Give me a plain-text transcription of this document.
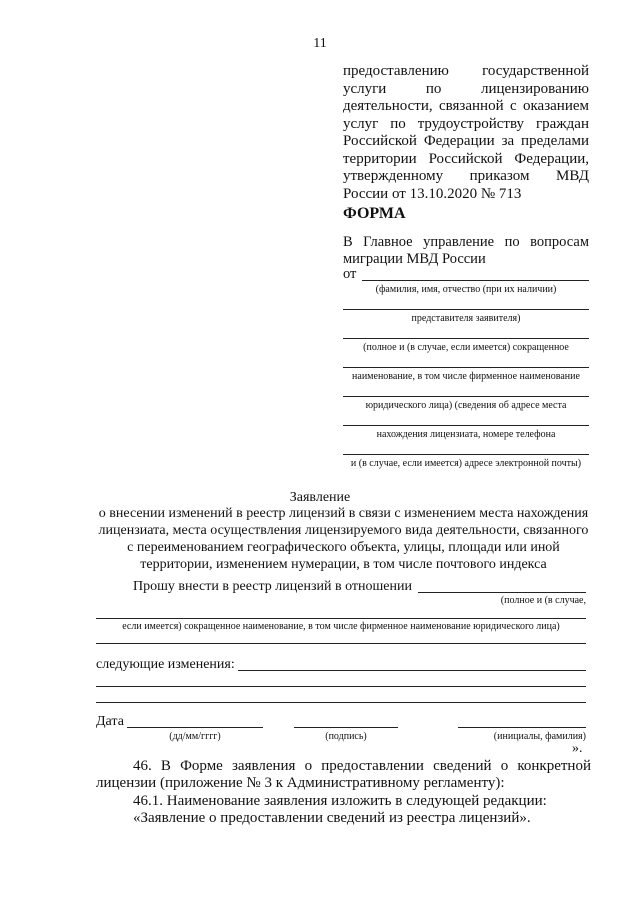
11
предоставлению государственной услуги по лицензированию деятельности, связанной с оказанием услуг по трудоустройству граждан Российской Федерации за пределами территории Российской Федерации, утвержденному приказом МВД России от 13.10.2020 № 713
ФОРМА
В Главное управление по вопросам миграции МВД России
от
(фамилия, имя, отчество (при их наличии)
представителя заявителя)
(полное и (в случае, если имеется) сокращенное
наименование, в том числе фирменное наименование
юридического лица) (сведения об адресе места
нахождения лицензиата, номере телефона
и (в случае, если имеется) адресе электронной почты)
Заявление
о внесении изменений в реестр лицензий в связи с изменением места нахождения лицензиата, места осуществления лицензируемого вида деятельности, связанного с переименованием географического объекта, улицы, площади или иной территории, изменением нумерации, в том числе почтового индекса
Прошу внести в реестр лицензий в отношении
(полное и (в случае,
если имеется) сокращенное наименование, в том числе фирменное наименование юридического лица)
следующие изменения:
Дата
(дд/мм/гггг)	(подпись)	(инициалы, фамилия)
».
46. В Форме заявления о предоставлении сведений о конкретной лицензии (приложение № 3 к Административному регламенту):
46.1. Наименование заявления изложить в следующей редакции:
«Заявление о предоставлении сведений из реестра лицензий».
